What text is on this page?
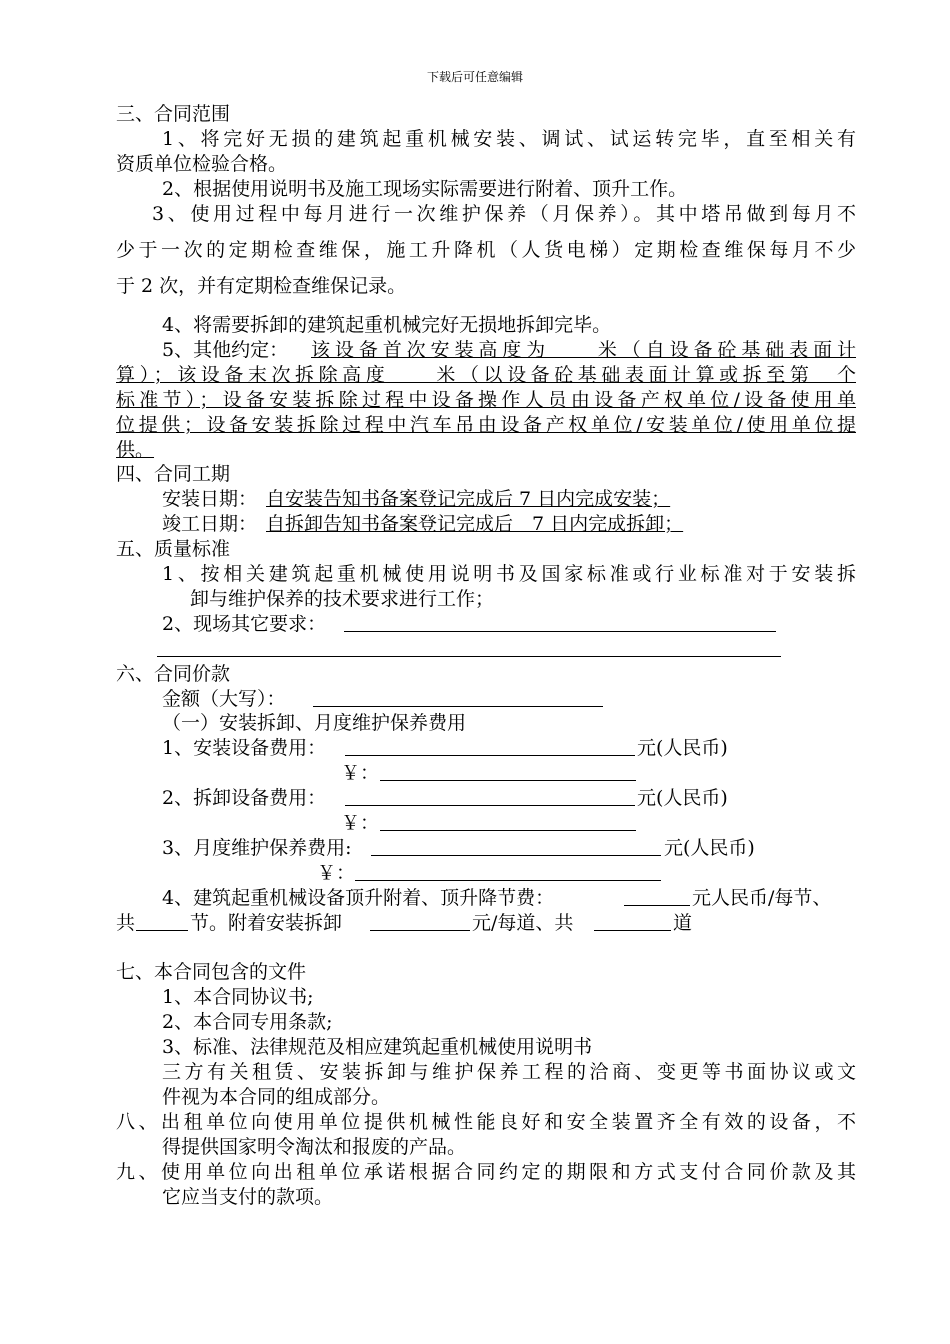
下载后可任意编辑
三、合同范围
1、将完好无损的建筑起重机械安装、调试、试运转完毕，直至相关有
资质单位检验合格。
2、根据使用说明书及施工现场实际需要进行附着、顶升工作。
3、使用过程中每月进行一次维护保养（月保养）。其中塔吊做到每月不
少于一次的定期检查维保，施工升降机（人货电梯）定期检查维保每月不少
于 2 次，并有定期检查维保记录。
4、将需要拆卸的建筑起重机械完好无损地拆卸完毕。
5、其他约定： 该设备首次安装高度为　　米（自设备砼基础表面计
算）；该设备末次拆除高度　　米（以设备砼基础表面计算或拆至第　个
标准节）；设备安装拆除过程中设备操作人员由设备产权单位/设备使用单
位提供；设备安装拆除过程中汽车吊由设备产权单位/安装单位/使用单位提
供。
四、合同工期
安装日期： 自安装告知书备案登记完成后 7 日内完成安装；
竣工日期： 自拆卸告知书备案登记完成后　7 日内完成拆卸；
五、质量标准
1、按相关建筑起重机械使用说明书及国家标准或行业标准对于安装拆
卸与维护保养的技术要求进行工作；
2、现场其它要求：
六、合同价款
金额（大写）：
（一）安装拆卸、月度维护保养费用
1、安装设备费用：	元(人民币)
￥：
2、拆卸设备费用：	元(人民币)
￥：
3、月度维护保养费用:	元(人民币)
￥：
4、建筑起重机械设备顶升附着、顶升降节费：	元人民币/每节、
共	节。附着安装拆卸	元/每道、共	道
七、本合同包含的文件
1、本合同协议书;
2、本合同专用条款;
3、标准、法律规范及相应建筑起重机械使用说明书
三方有关租赁、安装拆卸与维护保养工程的洽商、变更等书面协议或文
件视为本合同的组成部分。
八、出租单位向使用单位提供机械性能良好和安全装置齐全有效的设备，不
得提供国家明令淘汰和报废的产品。
九、使用单位向出租单位承诺根据合同约定的期限和方式支付合同价款及其
它应当支付的款项。
